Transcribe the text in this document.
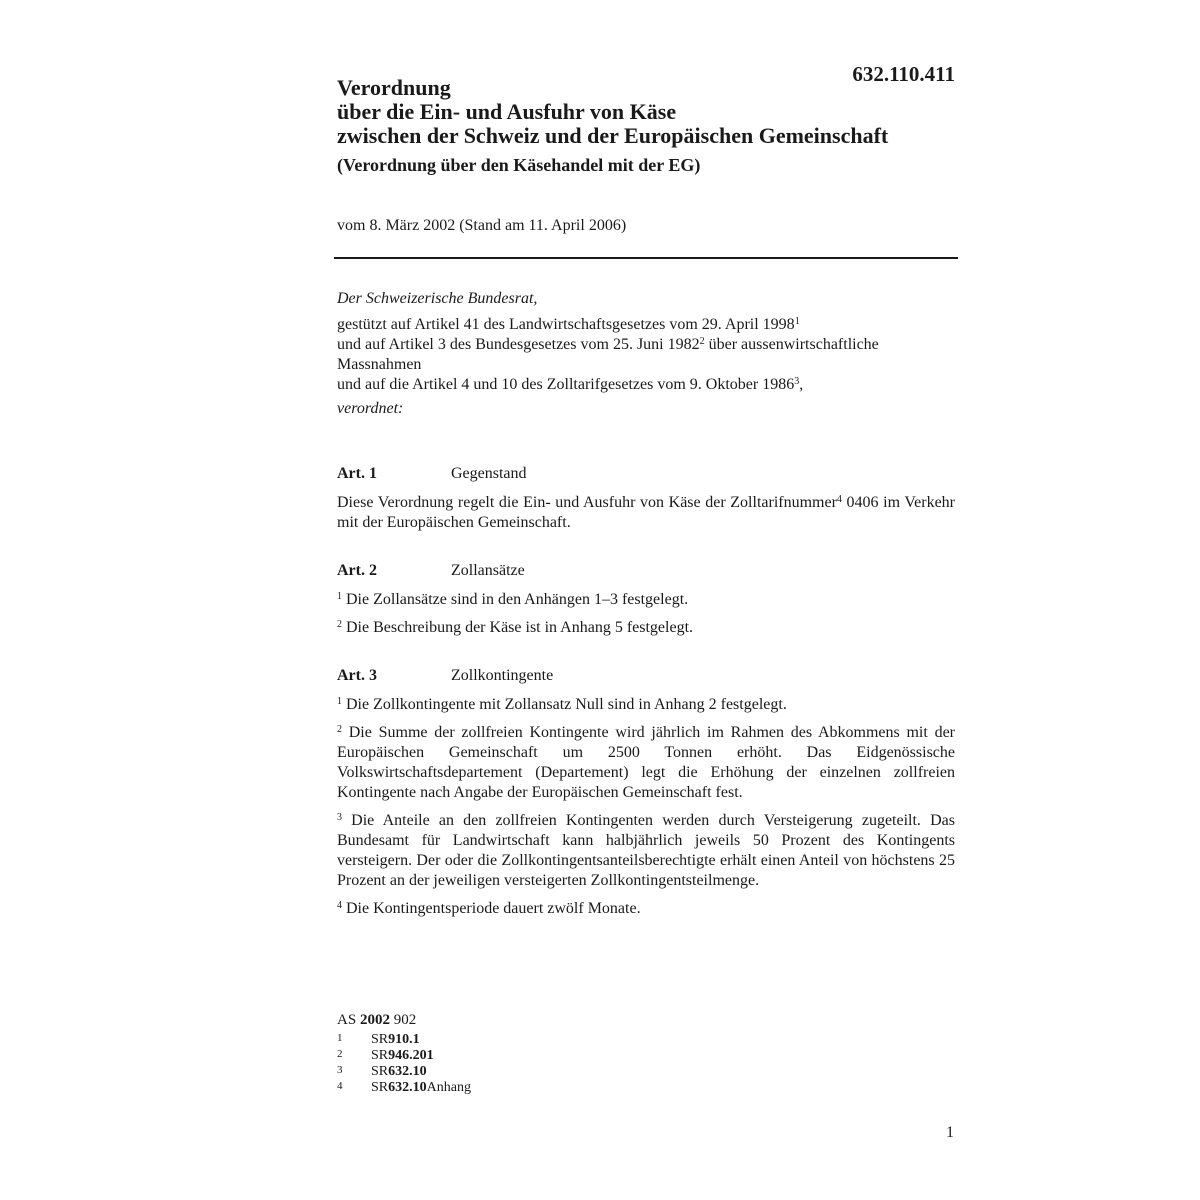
632.110.411
Verordnung
über die Ein- und Ausfuhr von Käse
zwischen der Schweiz und der Europäischen Gemeinschaft
(Verordnung über den Käsehandel mit der EG)
vom 8. März 2002 (Stand am 11. April 2006)
Der Schweizerische Bundesrat,
gestützt auf Artikel 41 des Landwirtschaftsgesetzes vom 29. April 1998$^1$
und auf Artikel 3 des Bundesgesetzes vom 25. Juni 1982$^2$ über aussenwirtschaftliche Massnahmen
und auf die Artikel 4 und 10 des Zolltarifgesetzes vom 9. Oktober 1986$^3$,
verordnet:
Art. 1	Gegenstand
Diese Verordnung regelt die Ein- und Ausfuhr von Käse der Zolltarifnummer$^4$ 0406 im Verkehr mit der Europäischen Gemeinschaft.
Art. 2	Zollansätze
$^1$ Die Zollansätze sind in den Anhängen 1–3 festgelegt.
$^2$ Die Beschreibung der Käse ist in Anhang 5 festgelegt.
Art. 3	Zollkontingente
$^1$ Die Zollkontingente mit Zollansatz Null sind in Anhang 2 festgelegt.
$^2$ Die Summe der zollfreien Kontingente wird jährlich im Rahmen des Abkommens mit der Europäischen Gemeinschaft um 2500 Tonnen erhöht. Das Eidgenössische Volkswirtschaftsdepartement (Departement) legt die Erhöhung der einzelnen zollfreien Kontingente nach Angabe der Europäischen Gemeinschaft fest.
$^3$ Die Anteile an den zollfreien Kontingenten werden durch Versteigerung zugeteilt. Das Bundesamt für Landwirtschaft kann halbjährlich jeweils 50 Prozent des Kontingents versteigern. Der oder die Zollkontingentsanteilsberechtigte erhält einen Anteil von höchstens 25 Prozent an der jeweiligen versteigerten Zollkontingentsteilmenge.
$^4$ Die Kontingentsperiode dauert zwölf Monate.
AS 2002 902
1	SR 910.1
2	SR 946.201
3	SR 632.10
4	SR 632.10 Anhang
1
